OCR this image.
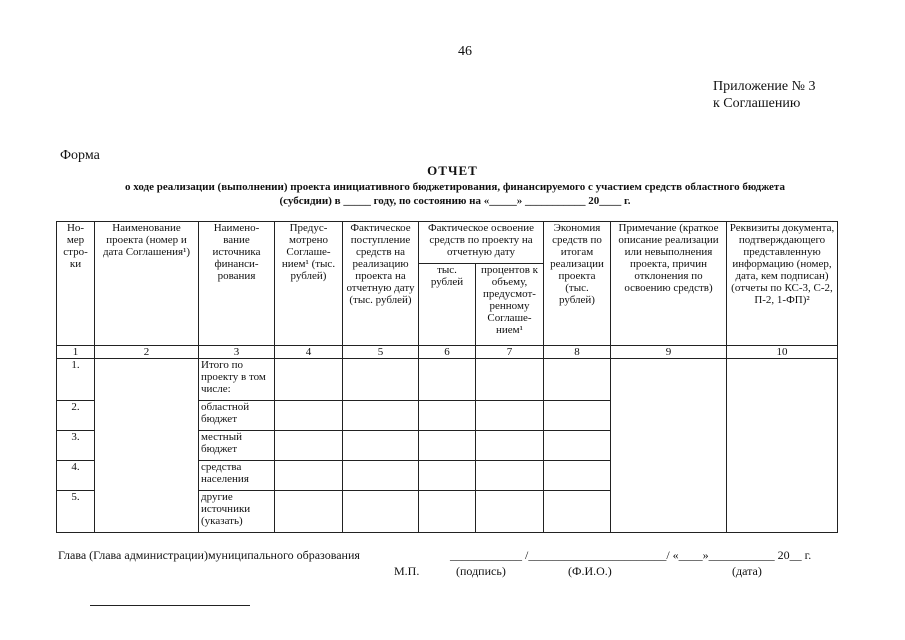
46
Приложение № 3
к Соглашению
Форма
ОТЧЕТ
о ходе реализации (выполнении) проекта инициативного бюджетирования, финансируемого с участием средств областного бюджета
(субсидии) в _____ году, по состоянию на «_____» ___________ 20____ г.
Но-мер стро-ки	Наименование проекта (номер и дата Соглашения¹)	Наимено-вание источника финанси-рования	Предус-мотрено Соглаше-нием¹ (тыс. рублей)	Фактическое поступление средств на реализацию проекта на отчетную дату (тыс. рублей)	Фактическое освоение средств по проекту на отчетную дату		Экономия средств по итогам реализации проекта (тыс. рублей)	Примечание (краткое описание реализации или невыполнения проекта, причин отклонения по освоению средств)	Реквизиты документа, подтверждающего представленную информацию (номер, дата, кем подписан) (отчеты по КС-3, С-2, П-2, 1-ФП)²
					тыс. рублей	процентов к объему, предусмот-ренному Соглаше-нием¹			
1	2	3	4	5	6	7	8	9	10
1.		Итого по проекту в том числе:							
2.		областной бюджет							
3.		местный бюджет							
4.		средства населения							
5.		другие источники (указать)							
Глава (Глава администрации)муниципального образования	____________ /_______________________/ «____»___________ 20__ г.
М.П.	(подпись)	(Ф.И.О.)	(дата)
